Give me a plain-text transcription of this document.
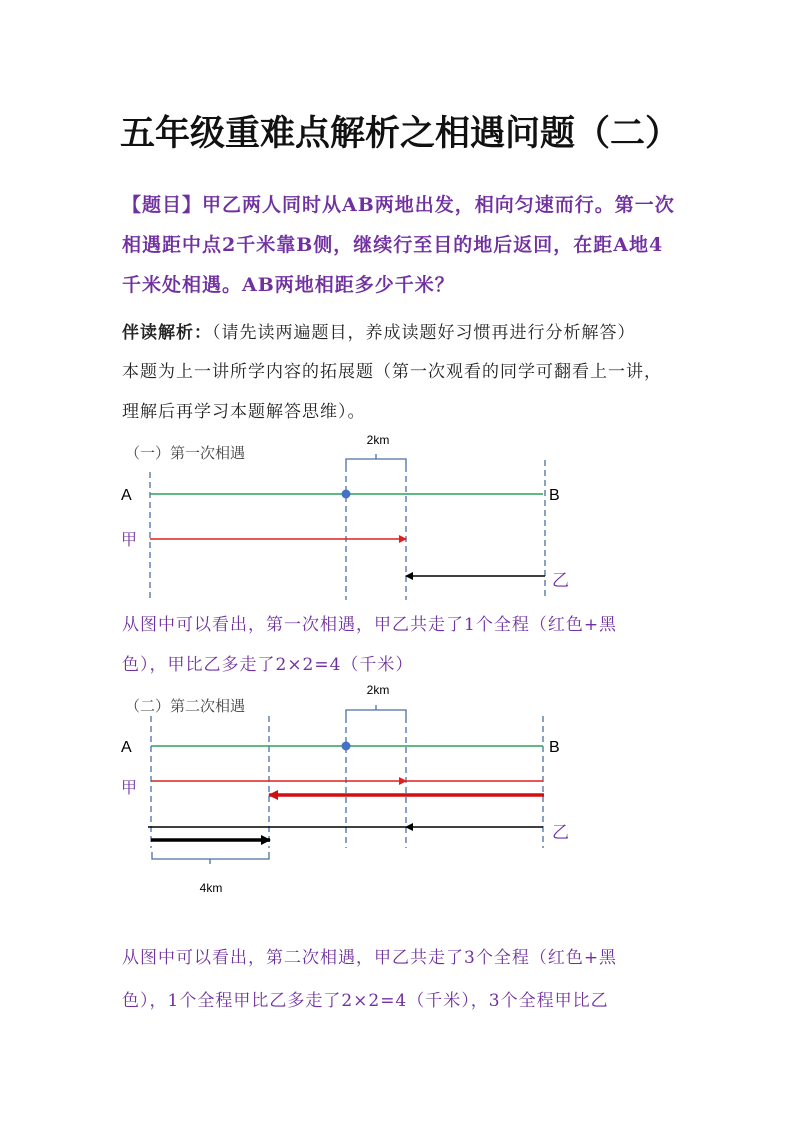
五年级重难点解析之相遇问题（二）
【题目】甲乙两人同时从AB两地出发，相向匀速而行。第一次
相遇距中点2千米靠B侧，继续行至目的地后返回，在距A地4
千米处相遇。AB两地相距多少千米？
伴读解析：（请先读两遍题目，养成读题好习惯再进行分析解答）
本题为上一讲所学内容的拓展题（第一次观看的同学可翻看上一讲，
理解后再学习本题解答思维）。
从图中可以看出，第一次相遇，甲乙共走了1个全程（红色+黑
色），甲比乙多走了2×2=4（千米）
从图中可以看出，第二次相遇，甲乙共走了3个全程（红色+黑
色），1个全程甲比乙多走了2×2=4（千米），3个全程甲比乙
（一）第一次相遇
2km
A	B
甲
乙
（二）第二次相遇
2km
4km
A	B
甲
乙
